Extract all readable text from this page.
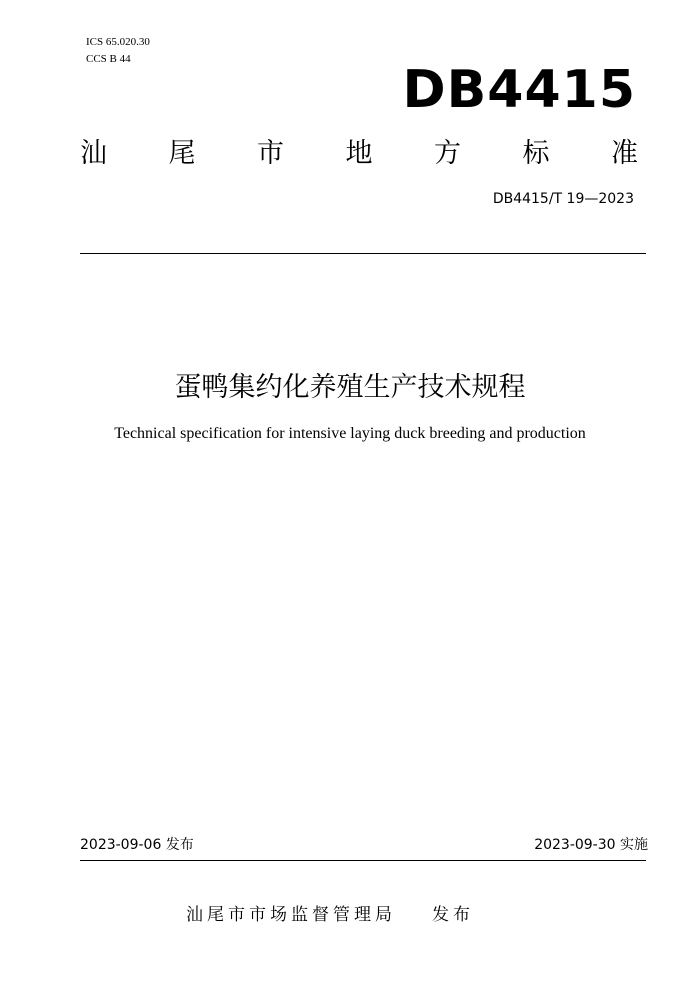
ICS 65.020.30
CCS B 44
DB4415
汕 尾 市 地 方 标 准
DB4415/T 19—2023
蛋鸭集约化养殖生产技术规程
Technical specification for intensive laying duck breeding and production
2023-09-06 发布	2023-09-30 实施
汕尾市市场监督管理局 发布
